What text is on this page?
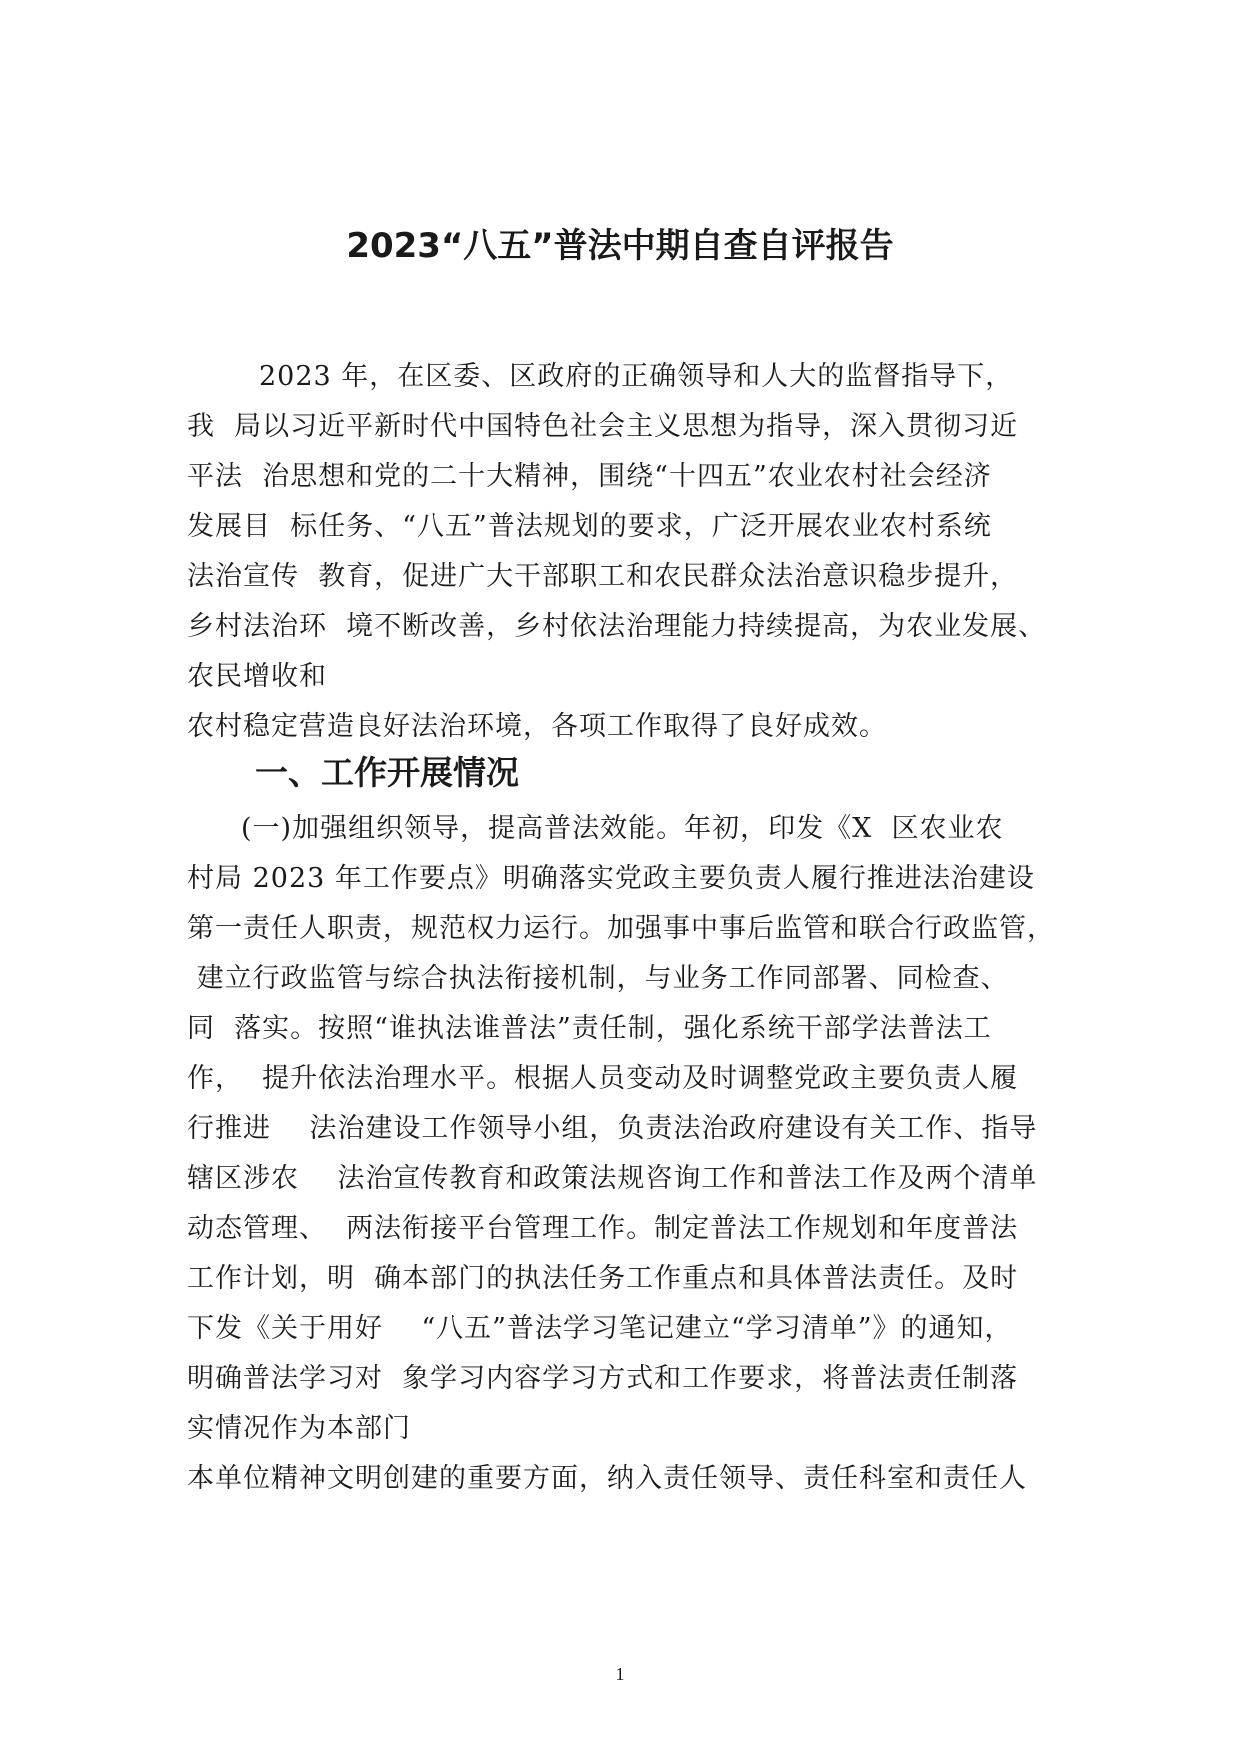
2023“八五”普法中期自查自评报告
2023 年，在区委、区政府的正确领导和人大的监督指导下，
我  局以习近平新时代中国特色社会主义思想为指导，深入贯彻习近
平法  治思想和党的二十大精神，围绕“十四五”农业农村社会经济
发展目  标任务、“八五”普法规划的要求，广泛开展农业农村系统
法治宣传  教育，促进广大干部职工和农民群众法治意识稳步提升，
乡村法治环  境不断改善，乡村依法治理能力持续提高，为农业发展、
农民增收和
农村稳定营造良好法治环境，各项工作取得了良好成效。
一、工作开展情况
(一)加强组织领导，提高普法效能。年初，印发《X  区农业农
村局 2023 年工作要点》明确落实党政主要负责人履行推进法治建设
第一责任人职责，规范权力运行。加强事中事后监管和联合行政监管，
建立行政监管与综合执法衔接机制，与业务工作同部署、同检查、
同  落实。按照“谁执法谁普法”责任制，强化系统干部学法普法工
作，  提升依法治理水平。根据人员变动及时调整党政主要负责人履
行推进    法治建设工作领导小组，负责法治政府建设有关工作、指导
辖区涉农    法治宣传教育和政策法规咨询工作和普法工作及两个清单
动态管理、  两法衔接平台管理工作。制定普法工作规划和年度普法
工作计划，明  确本部门的执法任务工作重点和具体普法责任。及时
下发《关于用好    “八五”普法学习笔记建立“学习清单”》的通知，
明确普法学习对  象学习内容学习方式和工作要求，将普法责任制落
实情况作为本部门
本单位精神文明创建的重要方面，纳入责任领导、责任科室和责任人
1
